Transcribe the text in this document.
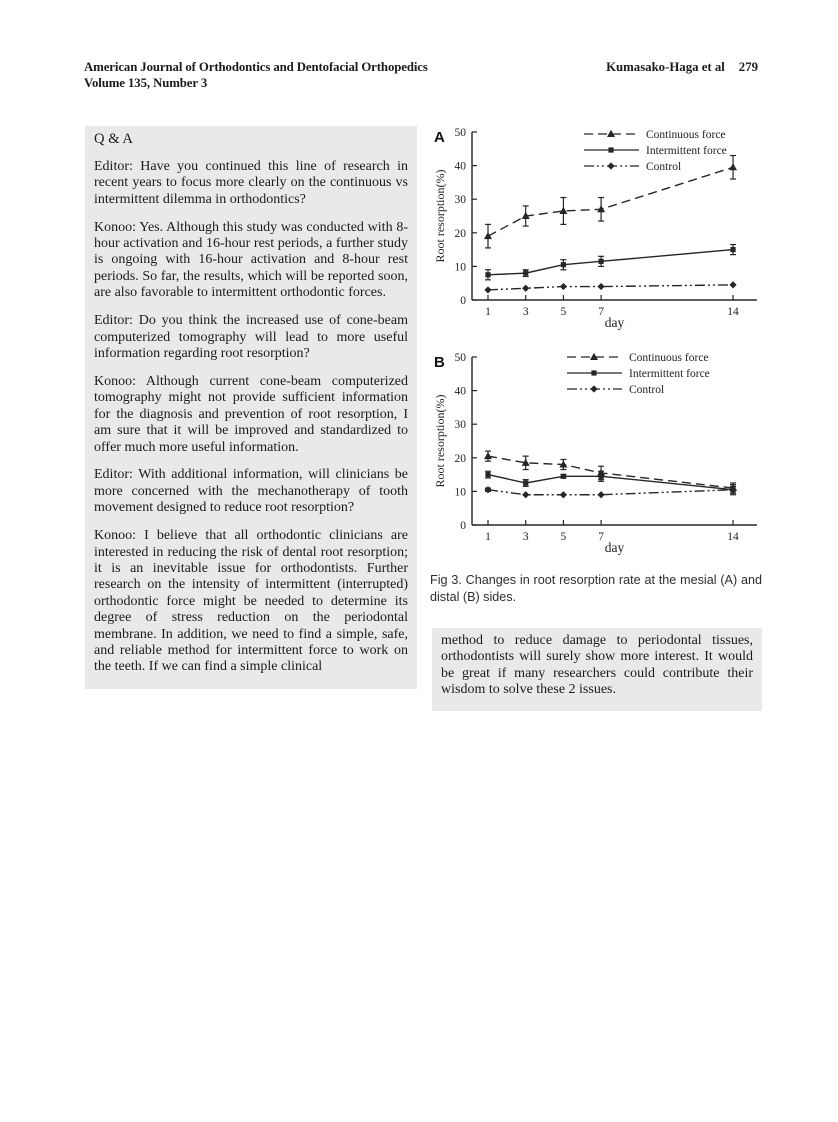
American Journal of Orthodontics and Dentofacial Orthopedics
Volume 135, Number 3
Kumasako-Haga et al 279
Q & A

Editor: Have you continued this line of research in recent years to focus more clearly on the continuous vs intermittent dilemma in orthodontics?

Konoo: Yes. Although this study was conducted with 8-hour activation and 16-hour rest periods, a further study is ongoing with 16-hour activation and 8-hour rest periods. So far, the results, which will be reported soon, are also favorable to intermittent orthodontic forces.

Editor: Do you think the increased use of cone-beam computerized tomography will lead to more useful information regarding root resorption?

Konoo: Although current cone-beam computerized tomography might not provide sufficient information for the diagnosis and prevention of root resorption, I am sure that it will be improved and standardized to offer much more useful information.

Editor: With additional information, will clinicians be more concerned with the mechanotherapy of tooth movement designed to reduce root resorption?

Konoo: I believe that all orthodontic clinicians are interested in reducing the risk of dental root resorption; it is an inevitable issue for orthodontists. Further research on the intensity of intermittent (interrupted) orthodontic force might be needed to determine its degree of stress reduction on the periodontal membrane. In addition, we need to find a simple, safe, and reliable method for intermittent force to work on the teeth. If we can find a simple clinical

0
10
20
30
40
50
1	3	5	7	14
Root resorption(%)
day
A	Continuous force
Intermittent force
Control
0
10
20
30
40
50
1	3	5	7	14
Root resorption(%)
day
B	Continuous force
Intermittent force
Control
Fig 3. Changes in root resorption rate at the mesial (A) and distal (B) sides.
method to reduce damage to periodontal tissues, orthodontists will surely show more interest. It would be great if many researchers could contribute their wisdom to solve these 2 issues.
